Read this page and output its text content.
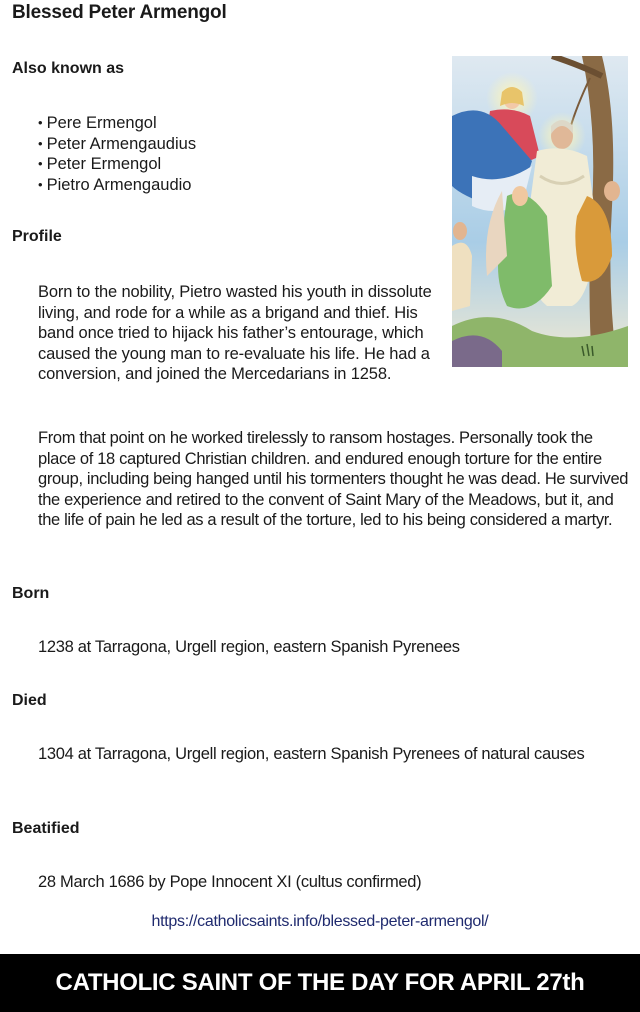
Blessed Peter Armengol
Also known as
• Pere Ermengol
• Peter Armengaudius
• Peter Ermengol
• Pietro Armengaudio
Profile

Born to the nobility, Pietro wasted his youth in dissolute living, and rode for a while as a brigand and thief. His band once tried to hijack his father’s entourage, which caused the young man to re-evaluate his life. He had a conversion, and joined the Mercedarians in 1258.

From that point on he worked tirelessly to ransom hostages. Personally took the place of 18 captured Christian children. and endured enough torture for the entire group, including being hanged until his tormenters thought he was dead. He survived the experience and retired to the convent of Saint Mary of the Meadows, but it, and the life of pain he led as a result of the torture, led to his being considered a martyr.

Born

1238 at Tarragona, Urgell region, eastern Spanish Pyrenees

Died

1304 at Tarragona, Urgell region, eastern Spanish Pyrenees of natural causes

Beatified

28 March 1686 by Pope Innocent XI (cultus confirmed)

https://catholicsaints.info/blessed-peter-armengol/
CATHOLIC SAINT OF THE DAY FOR APRIL 27th
